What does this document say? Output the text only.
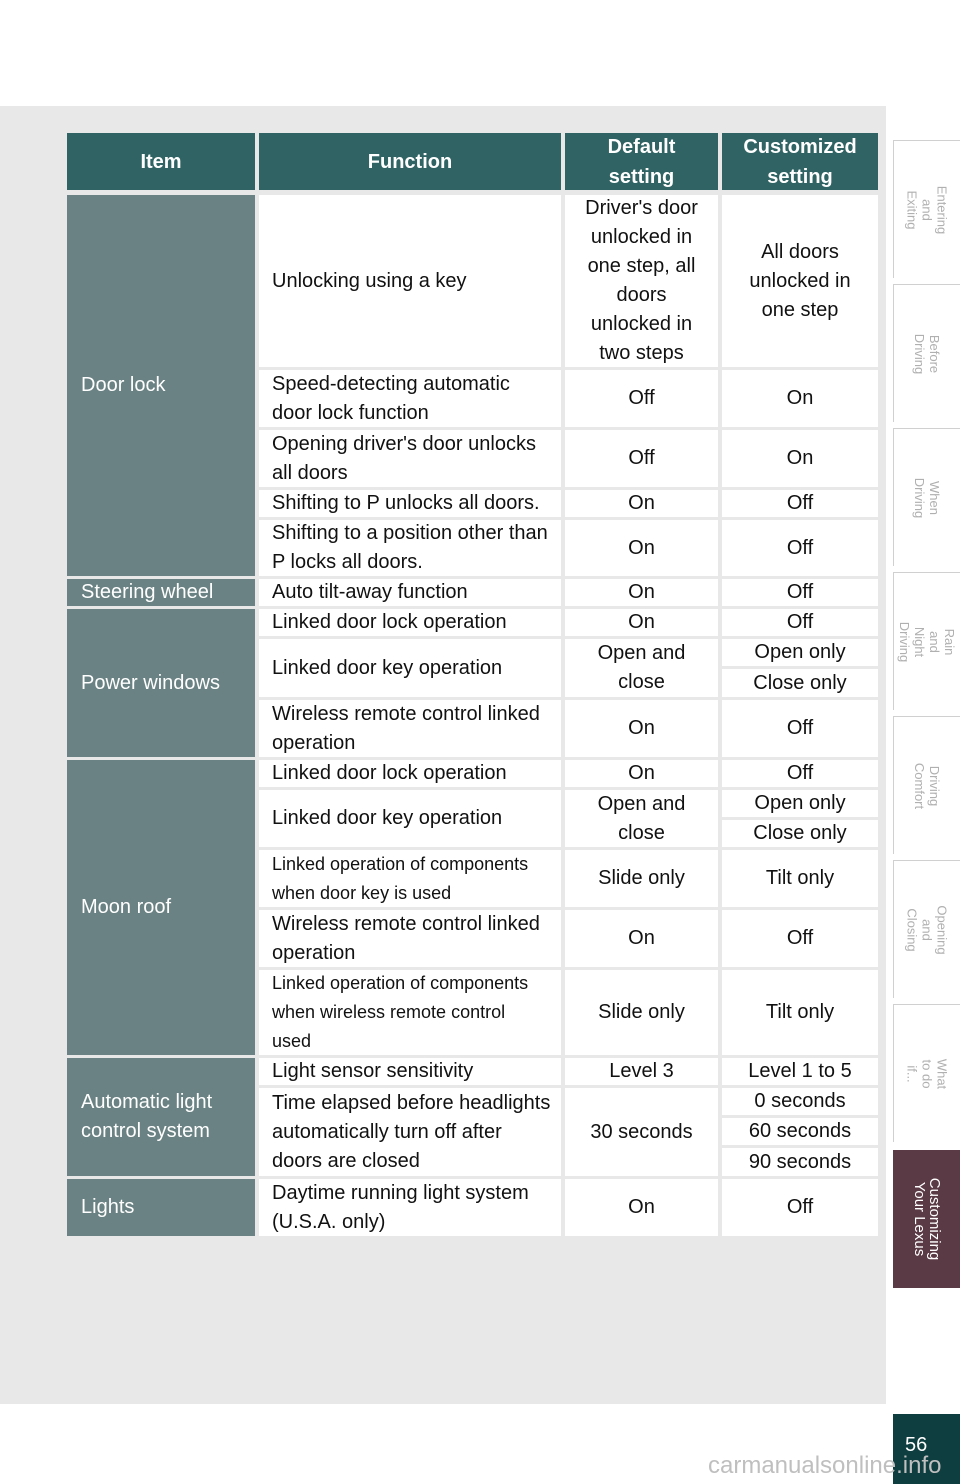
Item	Function
Default
setting
Customized
setting
Door lock
Steering wheel
Power windows
Moon roof
Automatic light
control system
Lights
Unlocking using a key
Speed-detecting automatic
door lock function
Opening driver's door unlocks
all doors
Shifting to P unlocks all doors.
Shifting to a position other than
P locks all doors.
Auto tilt-away function
Linked door lock operation
Linked door key operation
Wireless remote control linked
operation
Linked door lock operation
Linked door key operation
Linked operation of components
when door key is used
Wireless remote control linked
operation
Linked operation of components
when wireless remote control
used
Light sensor sensitivity
Time elapsed before headlights
automatically turn off after
doors are closed
Daytime running light system
(U.S.A. only)
Driver's door
unlocked in
one step, all
doors
unlocked in
two steps
Off
Off
On
On
On
On
Open and
close
On
On
Open and
close
Slide only
On
Slide only
Level 3
30 seconds
On
All doors
unlocked in
one step
On
On
Off
Off
Off
Off
Open only
Close only
Off
Off
Open only
Close only
Tilt only
Off
Tilt only
Level 1 to 5
0 seconds
60 seconds
90 seconds
Off
Entering and Exiting
Before Driving
When Driving
Rain and
Night Driving
Driving Comfort
Opening and Closing
What to do if...
Customizing
Your Lexus
56
carmanualsonline.info
